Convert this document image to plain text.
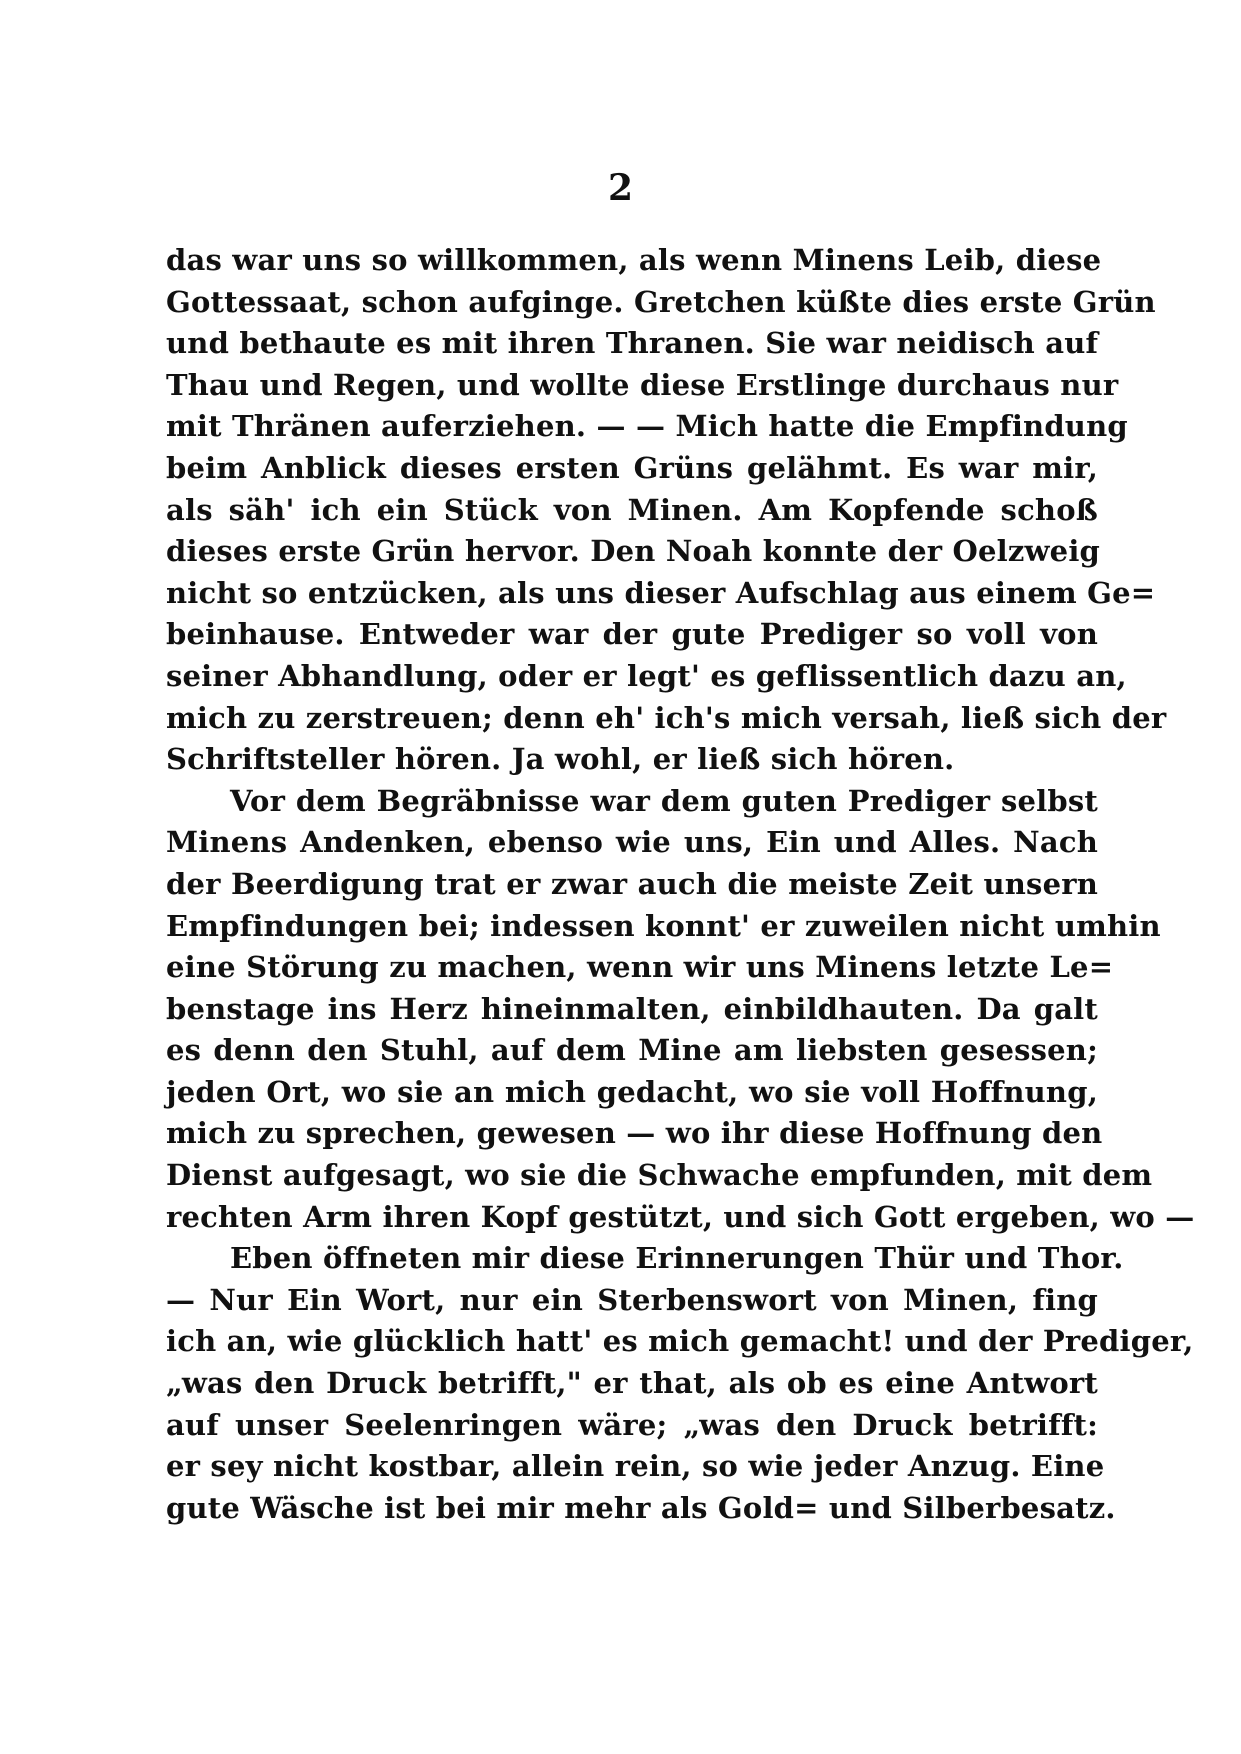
2
das war uns so willkommen, als wenn Minens Leib, diese
Gottessaat, schon aufginge. Gretchen küßte dies erste Grün
und bethaute es mit ihren Thranen. Sie war neidisch auf
Thau und Regen, und wollte diese Erstlinge durchaus nur
mit Thränen auferziehen. — — Mich hatte die Empfindung
beim Anblick dieses ersten Grüns gelähmt. Es war mir,
als säh' ich ein Stück von Minen. Am Kopfende schoß
dieses erste Grün hervor. Den Noah konnte der Oelzweig
nicht so entzücken, als uns dieser Aufschlag aus einem Ge=
beinhause. Entweder war der gute Prediger so voll von
seiner Abhandlung, oder er legt' es geflissentlich dazu an,
mich zu zerstreuen; denn eh' ich's mich versah, ließ sich der
Schriftsteller hören. Ja wohl, er ließ sich hören.
Vor dem Begräbnisse war dem guten Prediger selbst
Minens Andenken, ebenso wie uns, Ein und Alles. Nach
der Beerdigung trat er zwar auch die meiste Zeit unsern
Empfindungen bei; indessen konnt' er zuweilen nicht umhin
eine Störung zu machen, wenn wir uns Minens letzte Le=
benstage ins Herz hineinmalten, einbildhauten. Da galt
es denn den Stuhl, auf dem Mine am liebsten gesessen;
jeden Ort, wo sie an mich gedacht, wo sie voll Hoffnung,
mich zu sprechen, gewesen — wo ihr diese Hoffnung den
Dienst aufgesagt, wo sie die Schwache empfunden, mit dem
rechten Arm ihren Kopf gestützt, und sich Gott ergeben, wo —
Eben öffneten mir diese Erinnerungen Thür und Thor.
— Nur Ein Wort, nur ein Sterbenswort von Minen, fing
ich an, wie glücklich hatt' es mich gemacht! und der Prediger,
„was den Druck betrifft," er that, als ob es eine Antwort
auf unser Seelenringen wäre; „was den Druck betrifft:
er sey nicht kostbar, allein rein, so wie jeder Anzug. Eine
gute Wäsche ist bei mir mehr als Gold= und Silberbesatz.
